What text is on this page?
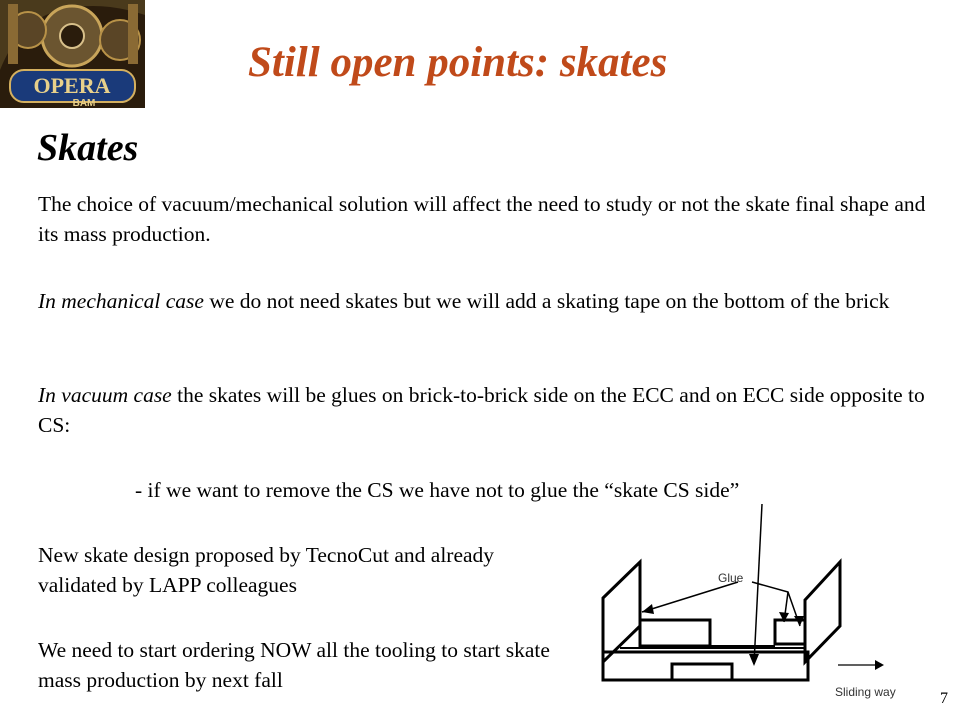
OPERA
BAM
Still open points: skates
Skates
The choice of vacuum/mechanical solution will affect the need to study or not the skate final shape and its mass production.
In mechanical case we do not need skates but we will add a skating tape on the bottom of the brick
In vacuum case the skates will be glues on brick-to-brick side on the ECC and on ECC side opposite to CS:
- if we want to remove the CS we have not to glue the “skate CS side”
New skate design proposed by TecnoCut and already validated by LAPP colleagues
We need to start ordering NOW all the tooling to start skate mass production by next fall
Glue
Sliding way	7
